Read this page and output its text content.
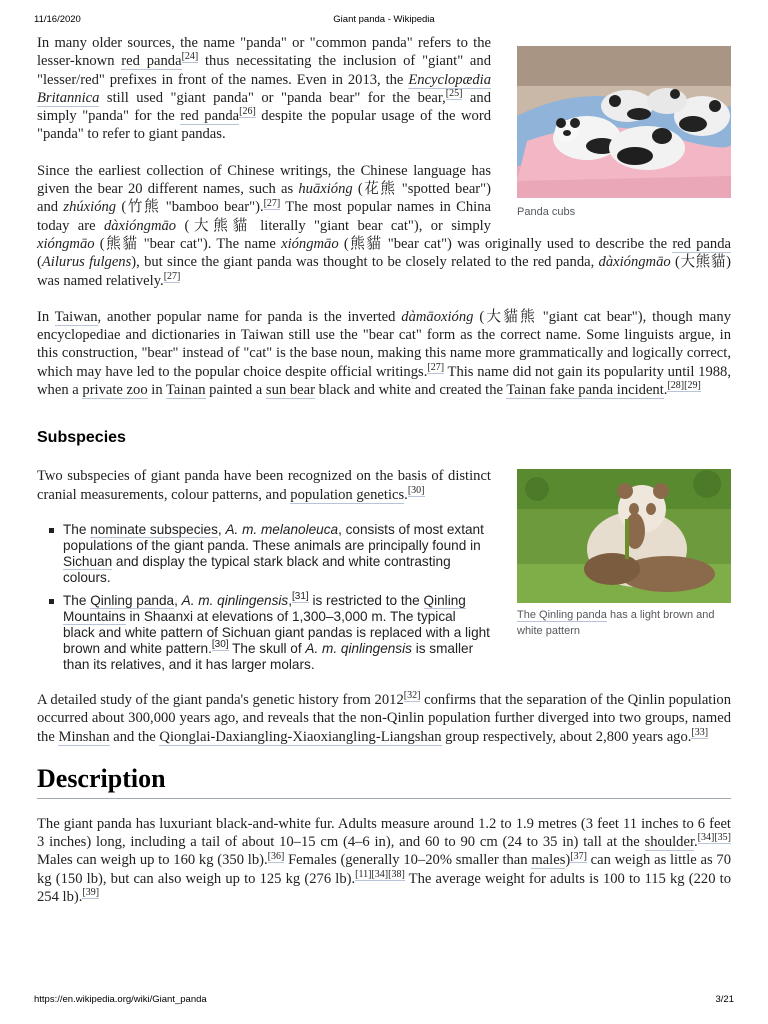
11/16/2020	Giant panda - Wikipedia
Panda cubs

In many older sources, the name "panda" or "common panda" refers to the lesser-known red panda[24] thus necessitating the inclusion of "giant" and "lesser/red" prefixes in front of the names. Even in 2013, the Encyclopædia Britannica still used "giant panda" or "panda bear" for the bear,[25] and simply "panda" for the red panda[26] despite the popular usage of the word "panda" to refer to giant pandas.

Since the earliest collection of Chinese writings, the Chinese language has given the bear 20 different names, such as huāxióng (花熊 "spotted bear") and zhúxióng (竹熊 "bamboo bear").[27] The most popular names in China today are dàxióngmāo (大熊貓 literally "giant bear cat"), or simply xióngmāo (熊貓 "bear cat"). The name xióngmāo (熊貓 "bear cat") was originally used to describe the red panda (Ailurus fulgens), but since the giant panda was thought to be closely related to the red panda, dàxióngmāo (大熊貓) was named relatively.[27]

In Taiwan, another popular name for panda is the inverted dàmāoxióng (大貓熊 "giant cat bear"), though many encyclopediae and dictionaries in Taiwan still use the "bear cat" form as the correct name. Some linguists argue, in this construction, "bear" instead of "cat" is the base noun, making this name more grammatically and logically correct, which may have led to the popular choice despite official writings.[27] This name did not gain its popularity until 1988, when a private zoo in Tainan painted a sun bear black and white and created the Tainan fake panda incident.[28][29]

Subspecies
The Qinling panda has a light brown and white pattern

Two subspecies of giant panda have been recognized on the basis of distinct cranial measurements, colour patterns, and population genetics.[30]

The nominate subspecies, A. m. melanoleuca, consists of most extant populations of the giant panda. These animals are principally found in Sichuan and display the typical stark black and white contrasting colours.
The Qinling panda, A. m. qinlingensis,[31] is restricted to the Qinling Mountains in Shaanxi at elevations of 1,300–3,000 m. The typical black and white pattern of Sichuan giant pandas is replaced with a light brown and white pattern.[30] The skull of A. m. qinlingensis is smaller than its relatives, and it has larger molars.

A detailed study of the giant panda's genetic history from 2012[32] confirms that the separation of the Qinlin population occurred about 300,000 years ago, and reveals that the non-Qinlin population further diverged into two groups, named the Minshan and the Qionglai-Daxiangling-Xiaoxiangling-Liangshan group respectively, about 2,800 years ago.[33]

Description

The giant panda has luxuriant black-and-white fur. Adults measure around 1.2 to 1.9 metres (3 feet 11 inches to 6 feet 3 inches) long, including a tail of about 10–15 cm (4–6 in), and 60 to 90 cm (24 to 35 in) tall at the shoulder.[34][35] Males can weigh up to 160 kg (350 lb).[36] Females (generally 10–20% smaller than males)[37] can weigh as little as 70 kg (150 lb), but can also weigh up to 125 kg (276 lb).[11][34][38] The average weight for adults is 100 to 115 kg (220 to 254 lb).[39]

https://en.wikipedia.org/wiki/Giant_panda	3/21
